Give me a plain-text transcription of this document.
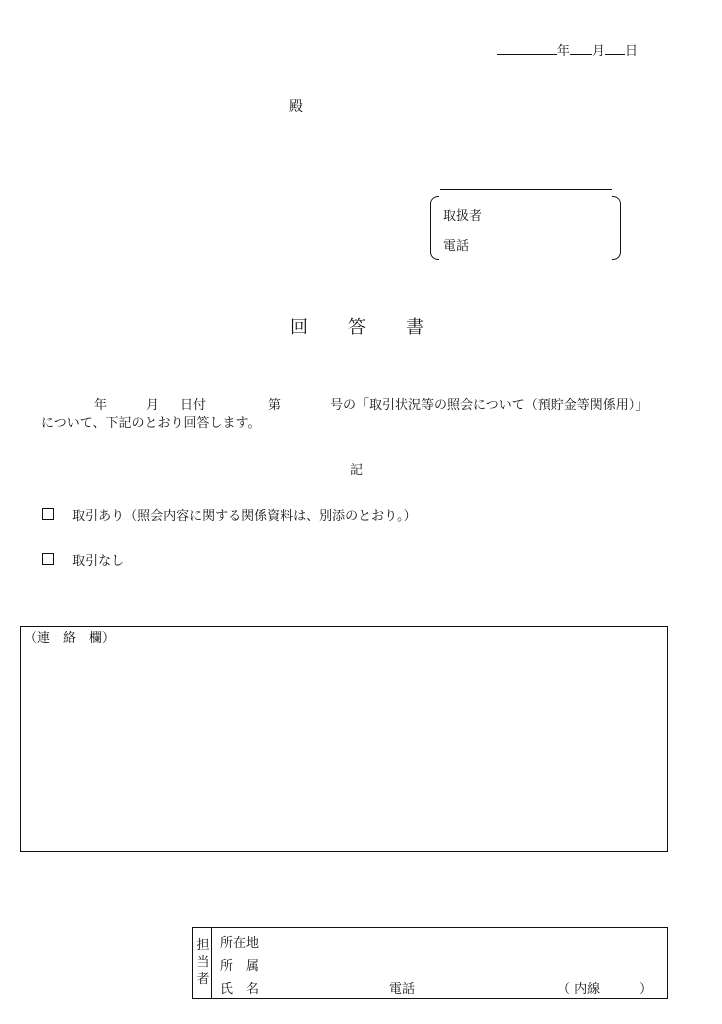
年 月 日
殿
取扱者
電話
回 答 書
年	月 日付	第	号の「取引状況等の照会について（預貯金等関係用）」
について、下記のとおり回答します。
記
取引あり（照会内容に関する関係資料は、別添のとおり。）
取引なし
（連　絡　欄）
担
当
者
所在地
所　属
氏　名	電話	（ 内線　　　）
